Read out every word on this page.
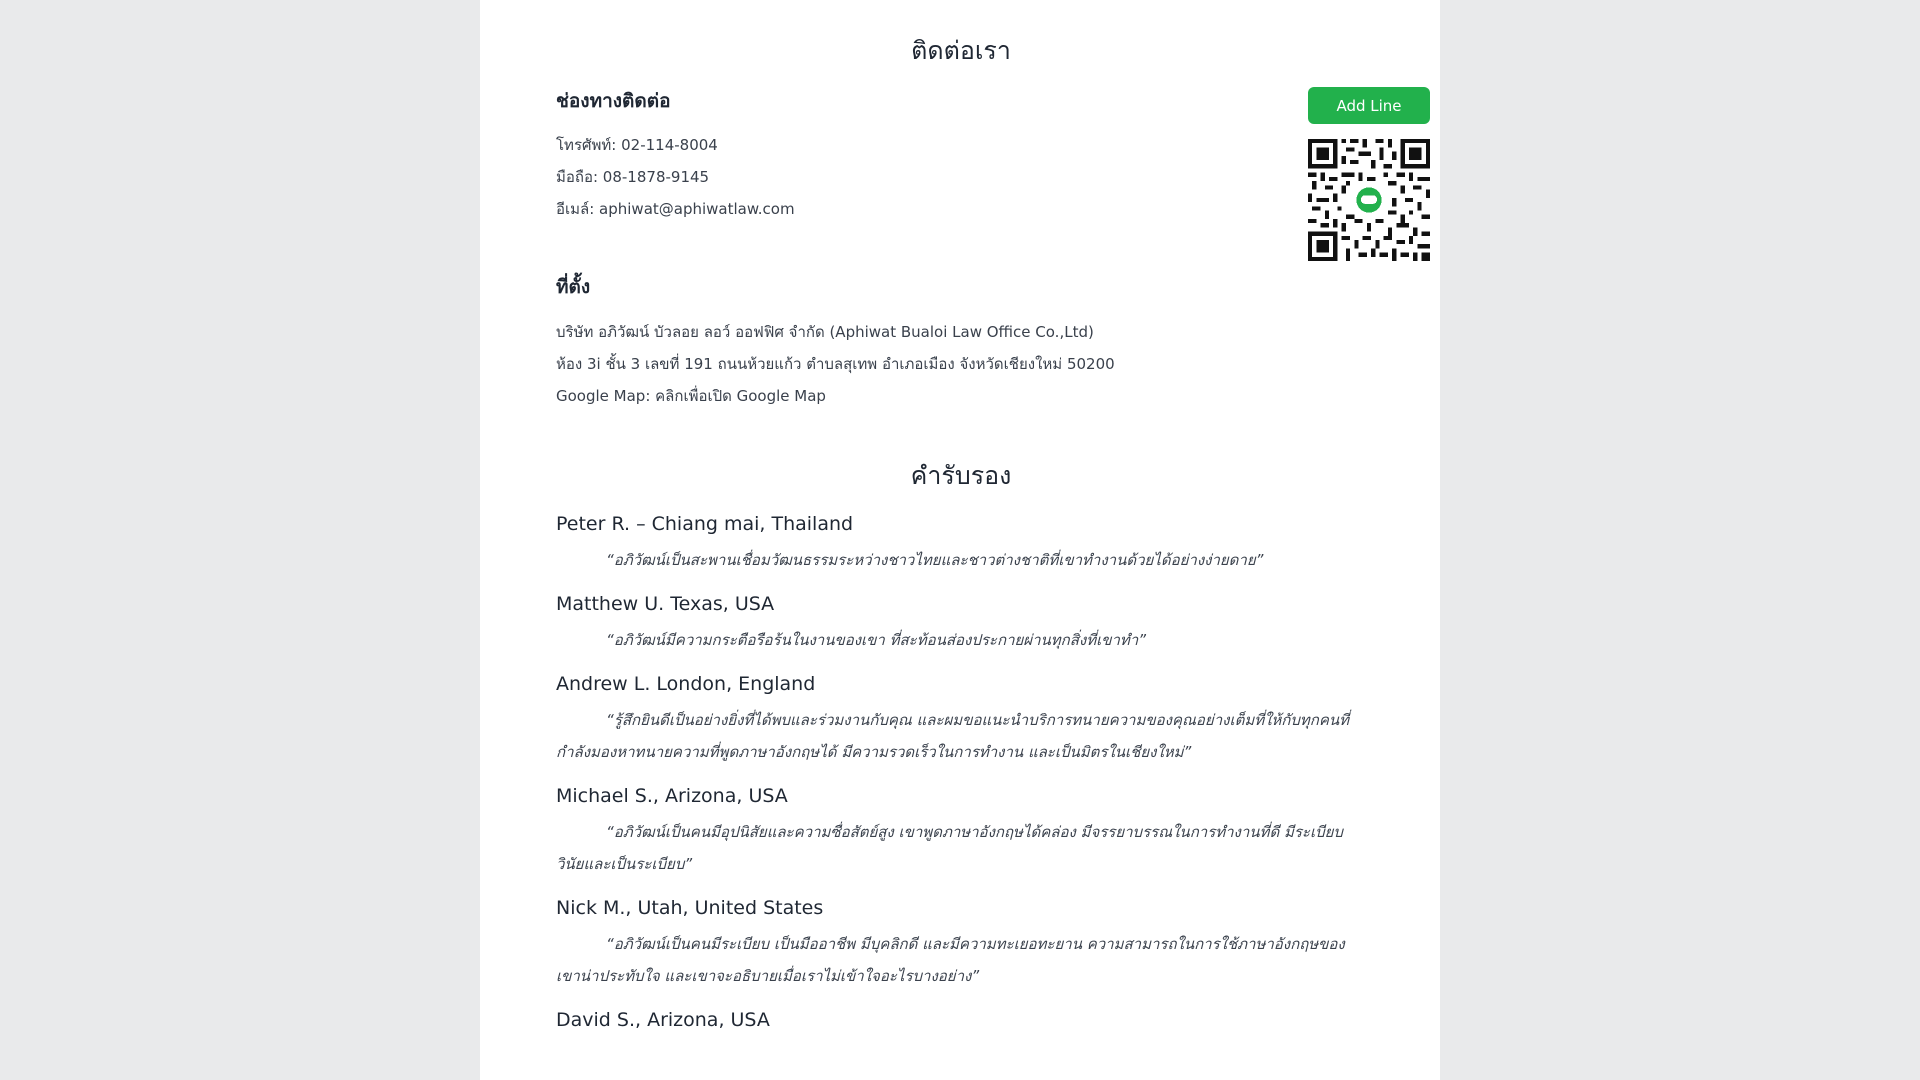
ติดต่อเรา
ช่องทางติดต่อ

โทรศัพท์: 02-114-8004

มือถือ: 08-1878-9145

อีเมล์: aphiwat@aphiwatlaw.com

ที่ตั้ง

บริษัท อภิวัฒน์ บัวลอย ลอว์ ออฟฟิศ จำกัด (Aphiwat Bualoi Law Office Co.,Ltd)

ห้อง 3i ชั้น 3 เลขที่ 191 ถนนห้วยแก้ว ตำบลสุเทพ อำเภอเมือง จังหวัดเชียงใหม่ 50200

Google Map: คลิกเพื่อเปิด Google Map

Add Line
คำรับรอง

Peter R. – Chiang mai, Thailand

“อภิวัฒน์เป็นสะพานเชื่อมวัฒนธรรมระหว่างชาวไทยและชาวต่างชาติที่เขาทำงานด้วยได้อย่างง่ายดาย”

Matthew U. Texas, USA

“อภิวัฒน์มีความกระตือรือร้นในงานของเขา ที่สะท้อนส่องประกายผ่านทุกสิ่งที่เขาทำ”

Andrew L. London, England

“รู้สึกยินดีเป็นอย่างยิ่งที่ได้พบและร่วมงานกับคุณ และผมขอแนะนำบริการทนายความของคุณอย่างเต็มที่ให้กับทุกคนที่กำลังมองหาทนายความที่พูดภาษาอังกฤษได้ มีความรวดเร็วในการทำงาน และเป็นมิตรในเชียงใหม่”

Michael S., Arizona, USA

“อภิวัฒน์เป็นคนมีอุปนิสัยและความซื่อสัตย์สูง เขาพูดภาษาอังกฤษได้คล่อง มีจรรยาบรรณในการทำงานที่ดี มีระเบียบวินัยและเป็นระเบียบ”

Nick M., Utah, United States

“อภิวัฒน์เป็นคนมีระเบียบ เป็นมืออาชีพ มีบุคลิกดี และมีความทะเยอทะยาน ความสามารถในการใช้ภาษาอังกฤษของเขาน่าประทับใจ และเขาจะอธิบายเมื่อเราไม่เข้าใจอะไรบางอย่าง”

David S., Arizona, USA
